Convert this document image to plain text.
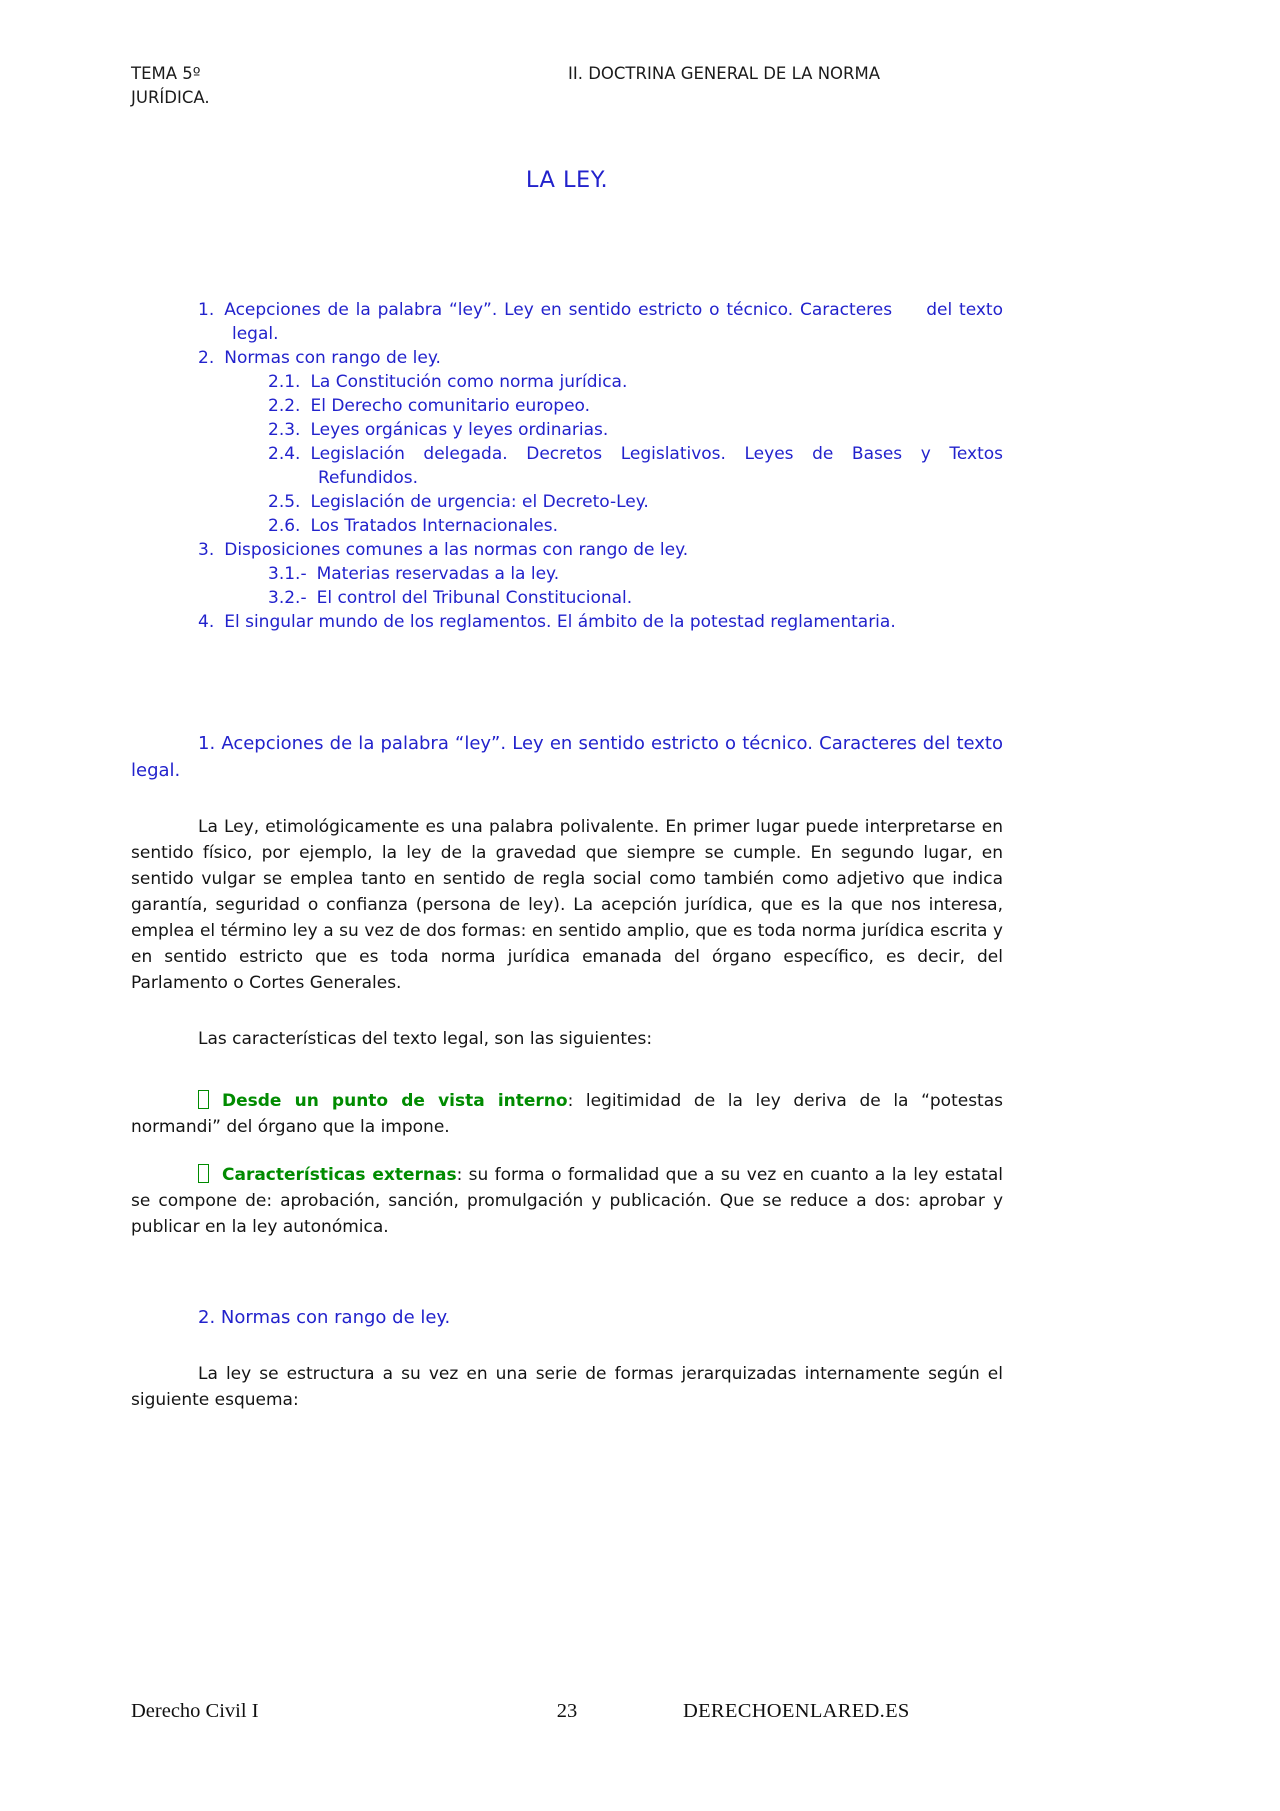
TEMA 5º
JURÍDICA.
II. DOCTRINA GENERAL DE LA NORMA
LA LEY.
1. Acepciones de la palabra “ley”. Ley en sentido estricto o técnico. Caracteres     del texto legal.
2. Normas con rango de ley.
2.1. La Constitución como norma jurídica.
2.2. El Derecho comunitario europeo.
2.3. Leyes orgánicas y leyes ordinarias.
2.4. Legislación delegada. Decretos Legislativos. Leyes de Bases y Textos Refundidos.
2.5. Legislación de urgencia: el Decreto-Ley.
2.6. Los Tratados Internacionales.
3. Disposiciones comunes a las normas con rango de ley.
3.1.- Materias reservadas a la ley.
3.2.- El control del Tribunal Constitucional.
4. El singular mundo de los reglamentos. El ámbito de la potestad reglamentaria.

1. Acepciones de la palabra “ley”. Ley en sentido estricto o técnico. Caracteres del texto legal.

La Ley, etimológicamente es una palabra polivalente. En primer lugar puede interpretarse en sentido físico, por ejemplo, la ley de la gravedad que siempre se cumple. En segundo lugar, en sentido vulgar se emplea tanto en sentido de regla social como también como adjetivo que indica garantía, seguridad o confianza (persona de ley). La acepción jurídica, que es la que nos interesa, emplea el término ley a su vez de dos formas: en sentido amplio, que es toda norma jurídica escrita y en sentido estricto que es toda norma jurídica emanada del órgano específico, es decir, del Parlamento o Cortes Generales.

Las características del texto legal, son las siguientes:

Desde un punto de vista interno: legitimidad de la ley deriva de la “potestas normandi” del órgano que la impone.

Características externas: su forma o formalidad que a su vez en cuanto a la ley estatal se compone de: aprobación, sanción, promulgación y publicación. Que se reduce a dos: aprobar y publicar en la ley autonómica.

2. Normas con rango de ley.

La ley se estructura a su vez en una serie de formas jerarquizadas internamente según el siguiente esquema:

Derecho Civil I	23	DERECHOENLARED.ES
